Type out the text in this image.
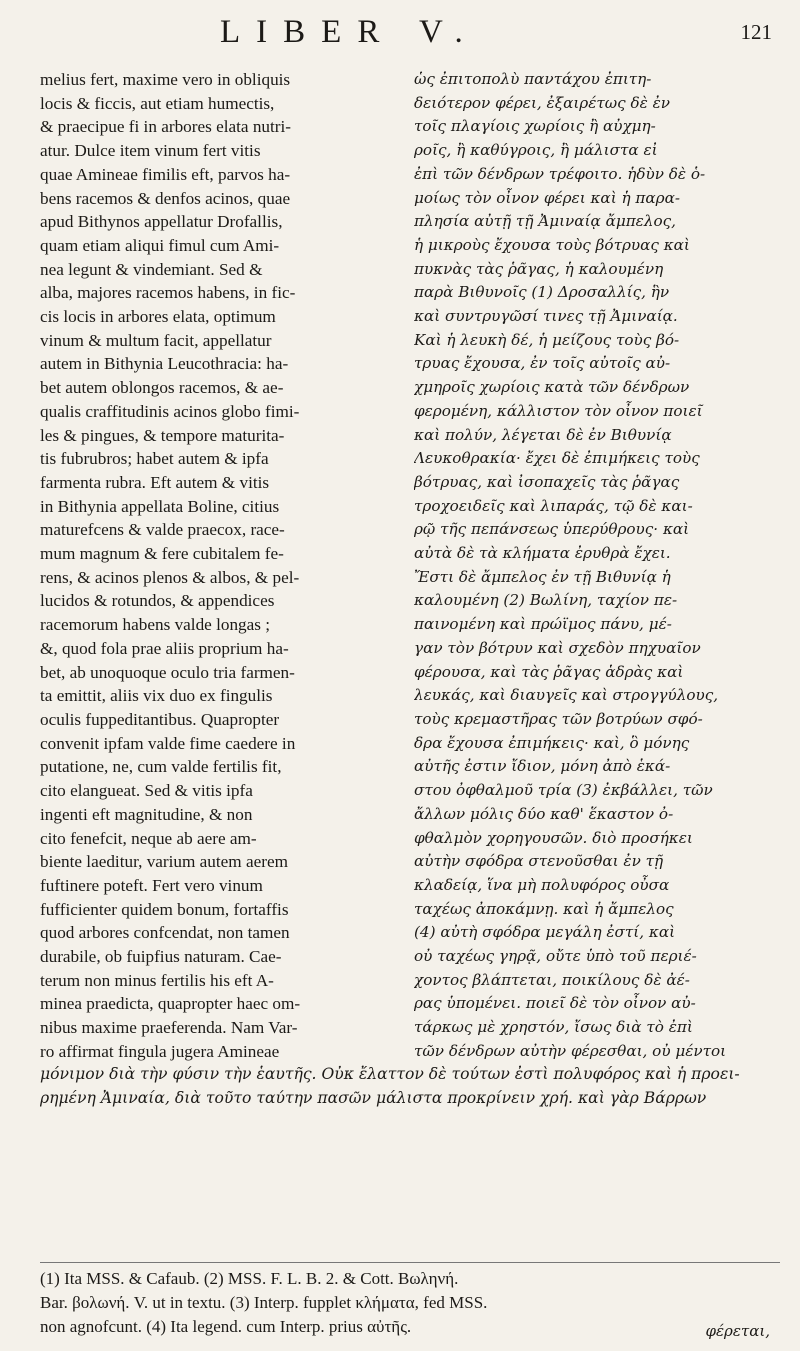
LIBER V.	121
melius fert, maxime vero in obliquis
locis & ficcis, aut etiam humectis,
& praecipue fi in arbores elata nutri-
atur. Dulce item vinum fert vitis
quae Amineae fimilis eft, parvos ha-
bens racemos & denfos acinos, quae
apud Bithynos appellatur Drofallis,
quam etiam aliqui fimul cum Ami-
nea legunt & vindemiant. Sed &
alba, majores racemos habens, in fic-
cis locis in arbores elata, optimum
vinum & multum facit, appellatur
autem in Bithynia Leucothracia: ha-
bet autem oblongos racemos, & ae-
qualis craffitudinis acinos globo fimi-
les & pingues, & tempore maturita-
tis fubrubros; habet autem & ipfa
farmenta rubra. Eft autem & vitis
in Bithynia appellata Boline, citius
maturefcens & valde praecox, race-
mum magnum & fere cubitalem fe-
rens, & acinos plenos & albos, & pel-
lucidos & rotundos, & appendices
racemorum habens valde longas ;
&, quod fola prae aliis proprium ha-
bet, ab unoquoque oculo tria farmen-
ta emittit, aliis vix duo ex fingulis
oculis fuppeditantibus. Quapropter
convenit ipfam valde fime caedere in
putatione, ne, cum valde fertilis fit,
cito elangueat. Sed & vitis ipfa
ingenti eft magnitudine, & non
cito fenefcit, neque ab aere am-
biente laeditur, varium autem aerem
fuftinere poteft. Fert vero vinum
fufficienter quidem bonum, fortaffis
quod arbores confcendat, non tamen
durabile, ob fuipfius naturam. Cae-
terum non minus fertilis his eft A-
minea praedicta, quapropter haec om-
nibus maxime praeferenda. Nam Var-
ro affirmat fingula jugera Amineae
ὡς ἐπιτοπολὺ παντάχου ἐπιτη-
δειότερον φέρει, ἐξαιρέτως δὲ ἐν
τοῖς πλαγίοις χωρίοις ἢ αὐχμη-
ροῖς, ἢ καθύγροις, ἢ μάλιστα εἰ
ἐπὶ τῶν δένδρων τρέφοιτο. ἡδὺν δὲ ὁ-
μοίως τὸν οἶνον φέρει καὶ ἡ παρα-
πλησία αὐτῇ τῇ Ἀμιναίᾳ ἄμπελος,
ἡ μικροὺς ἔχουσα τοὺς βότρυας καὶ
πυκνὰς τὰς ῥᾶγας, ἡ καλουμένη
παρὰ Βιθυνοῖς (1) Δροσαλλίς, ἣν
καὶ συντρυγῶσί τινες τῇ Ἀμιναίᾳ.
Καὶ ἡ λευκὴ δέ, ἡ μείζους τοὺς βό-
τρυας ἔχουσα, ἐν τοῖς αὐτοῖς αὐ-
χμηροῖς χωρίοις κατὰ τῶν δένδρων
φερομένη, κάλλιστον τὸν οἶνον ποιεῖ
καὶ πολύν, λέγεται δὲ ἐν Βιθυνίᾳ
Λευκοθρακία· ἔχει δὲ ἐπιμήκεις τοὺς
βότρυας, καὶ ἰσοπαχεῖς τὰς ῥᾶγας
τροχοειδεῖς καὶ λιπαράς, τῷ δὲ και-
ρῷ τῆς πεπάνσεως ὑπερύθρους· καὶ
αὐτὰ δὲ τὰ κλήματα ἐρυθρὰ ἔχει.
Ἔστι δὲ ἄμπελος ἐν τῇ Βιθυνίᾳ ἡ
καλουμένη (2) Βωλίνη, ταχίον πε-
παινομένη καὶ πρώϊμος πάνυ, μέ-
γαν τὸν βότρυν καὶ σχεδὸν πηχυαῖον
φέρουσα, καὶ τὰς ῥᾶγας ἁδρὰς καὶ
λευκάς, καὶ διαυγεῖς καὶ στρογγύλους,
τοὺς κρεμαστῆρας τῶν βοτρύων σφό-
δρα ἔχουσα ἐπιμήκεις· καὶ, ὃ μόνης
αὐτῆς ἐστιν ἴδιον, μόνη ἀπὸ ἑκά-
στου ὀφθαλμοῦ τρία (3) ἐκβάλλει, τῶν
ἄλλων μόλις δύο καθ' ἕκαστον ὀ-
φθαλμὸν χορηγουσῶν. διὸ προσήκει
αὐτὴν σφόδρα στενοῦσθαι ἐν τῇ
κλαδείᾳ, ἵνα μὴ πολυφόρος οὖσα
ταχέως ἀποκάμνῃ. καὶ ἡ ἄμπελος
(4) αὐτὴ σφόδρα μεγάλη ἐστί, καὶ
οὐ ταχέως γηρᾷ, οὔτε ὑπὸ τοῦ περιέ-
χοντος βλάπτεται, ποικίλους δὲ ἀέ-
ρας ὑπομένει. ποιεῖ δὲ τὸν οἶνον αὐ-
τάρκως μὲ χρηστόν, ἴσως διὰ τὸ ἐπὶ
τῶν δένδρων αὐτὴν φέρεσθαι, οὐ μέντοι
μόνιμον διὰ τὴν φύσιν τὴν ἑαυτῆς. Οὐκ ἔλαττον δὲ τούτων ἐστὶ πολυφόρος καὶ ἡ προει-
ρημένη Ἀμιναία, διὰ τοῦτο ταύτην πασῶν μάλιστα προκρίνειν χρή. καὶ γὰρ Βάρρων
(1) Ita MSS. & Cafaub. (2) MSS. F. L. B. 2. & Cott. Βωληνή.
Bar. βολωνή. V. ut in textu. (3) Interp. fupplet κλήματα, fed MSS.
non agnofcunt. (4) Ita legend. cum Interp. prius αὐτῆς.	φέρεται,
